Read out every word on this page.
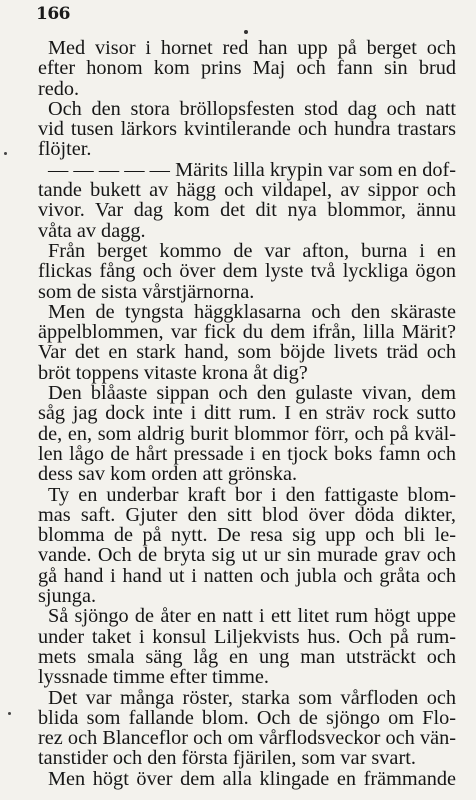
166
Med visor i hornet red han upp på berget och
efter honom kom prins Maj och fann sin brud
redo.
Och den stora bröllopsfesten stod dag och natt
vid tusen lärkors kvintilerande och hundra trastars
flöjter.
— — — — — Märits lilla krypin var som en dof-
tande bukett av hägg och vildapel, av sippor och
vivor. Var dag kom det dit nya blommor, ännu
våta av dagg.
Från berget kommo de var afton, burna i en
flickas fång och över dem lyste två lyckliga ögon
som de sista vårstjärnorna.
Men de tyngsta häggklasarna och den skäraste
äppelblommen, var fick du dem ifrån, lilla Märit?
Var det en stark hand, som böjde livets träd och
bröt toppens vitaste krona åt dig?
Den blåaste sippan och den gulaste vivan, dem
såg jag dock inte i ditt rum. I en sträv rock sutto
de, en, som aldrig burit blommor förr, och på kväl-
len lågo de hårt pressade i en tjock boks famn och
dess sav kom orden att grönska.
Ty en underbar kraft bor i den fattigaste blom-
mas saft. Gjuter den sitt blod över döda dikter,
blomma de på nytt. De resa sig upp och bli le-
vande. Och de bryta sig ut ur sin murade grav och
gå hand i hand ut i natten och jubla och gråta och
sjunga.
Så sjöngo de åter en natt i ett litet rum högt uppe
under taket i konsul Liljekvists hus. Och på rum-
mets smala säng låg en ung man utsträckt och
lyssnade timme efter timme.
Det var många röster, starka som vårfloden och
blida som fallande blom. Och de sjöngo om Flo-
rez och Blanceflor och om vårflodsveckor och vän-
tanstider och den första fjärilen, som var svart.
Men högt över dem alla klingade en främmande
